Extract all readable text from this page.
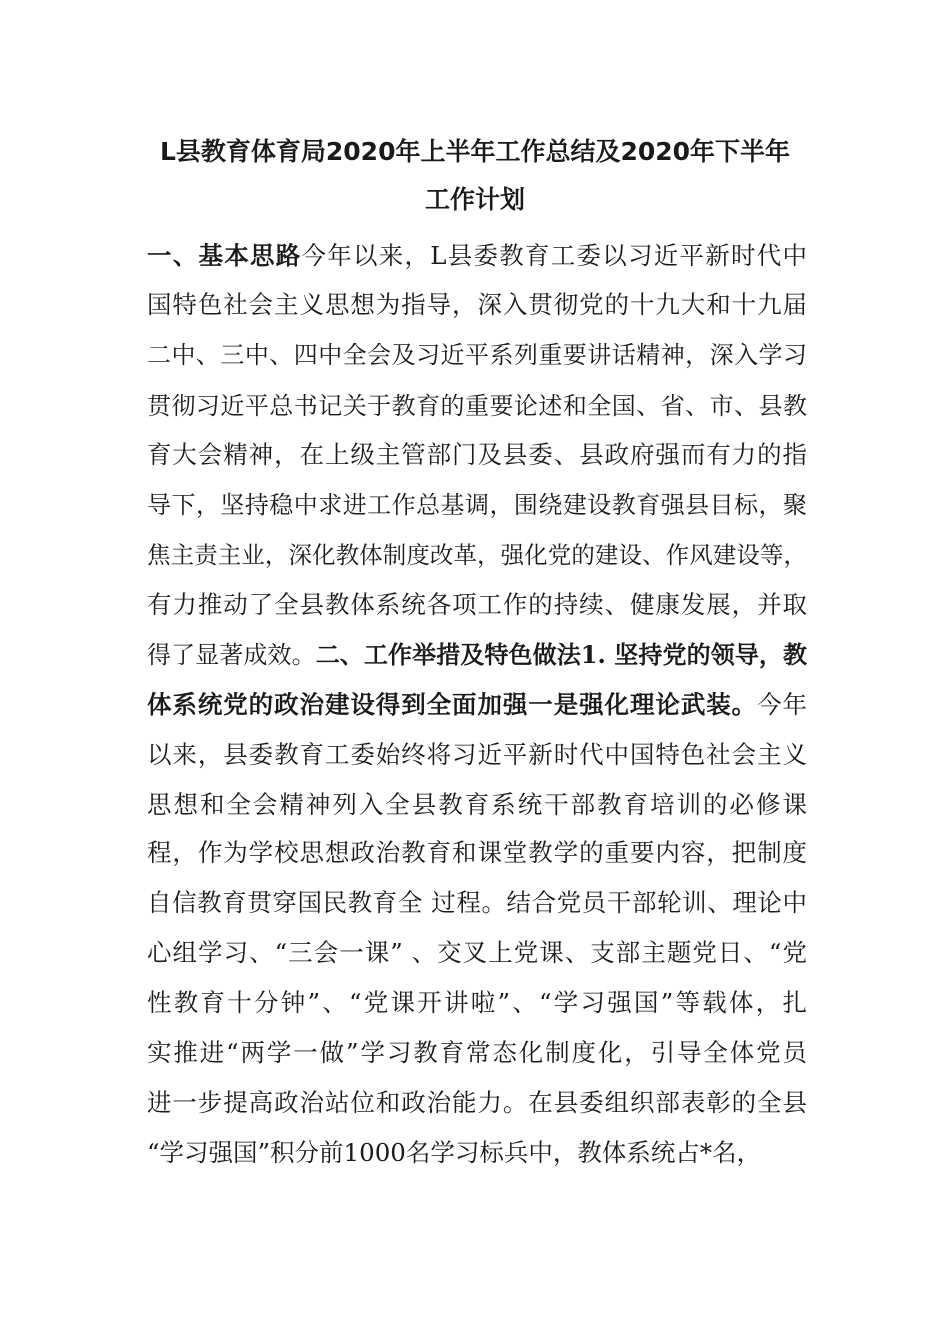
L县教育体育局2020年上半年工作总结及2020年下半年
工作计划
一、基本思路今年以来，L县委教育工委以习近平新时代中
国特色社会主义思想为指导，深入贯彻党的十九大和十九届
二中、三中、四中全会及习近平系列重要讲话精神，深入学习
贯彻习近平总书记关于教育的重要论述和全国、省、市、县教
育大会精神，在上级主管部门及县委、县政府强而有力的指
导下，坚持稳中求进工作总基调，围绕建设教育强县目标，聚
焦主责主业，深化教体制度改革，强化党的建设、作风建设等，
有力推动了全县教体系统各项工作的持续、健康发展，并取
得了显著成效。二、工作举措及特色做法1. 坚持党的领导，教
体系统党的政治建设得到全面加强一是强化理论武装。今年
以来，县委教育工委始终将习近平新时代中国特色社会主义
思想和全会精神列入全县教育系统干部教育培训的必修课
程，作为学校思想政治教育和课堂教学的重要内容，把制度
自信教育贯穿国民教育全 过程。结合党员干部轮训、理论中
心组学习、“三会一课” 、交叉上党课、支部主题党日、“党
性教育十分钟”、“党课开讲啦”、“学习强国”等载体，扎
实推进“两学一做”学习教育常态化制度化，引导全体党员
进一步提高政治站位和政治能力。在县委组织部表彰的全县
“学习强国”积分前1000名学习标兵中，教体系统占*名，
